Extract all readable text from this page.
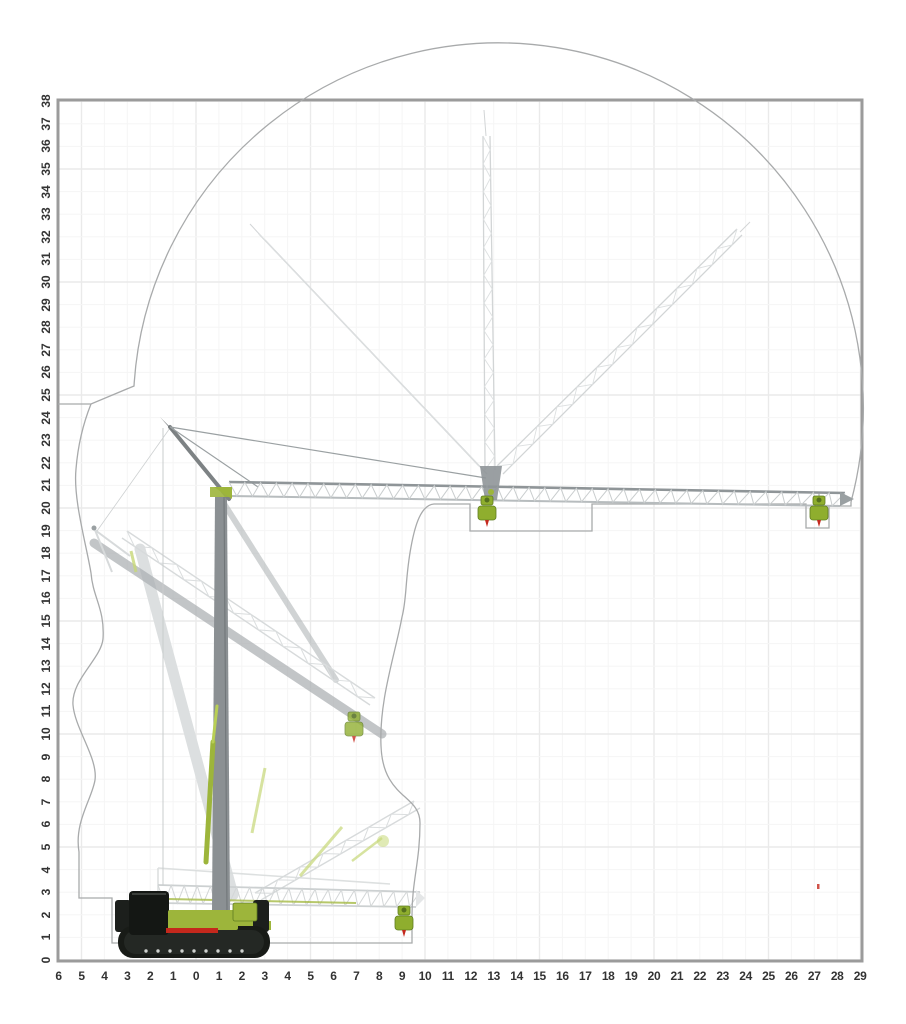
6 5 4 3 2 1 0 1 2 3 4 5 6 7 8 9 10 11 12 13 14 15 16 17 18 19 20 21 22 23 24 25 26 27 28 29
0
1
2
3
4
5
6
7
8
9
10
11
12
13
14
15
16
17
18
19
20
21
22
23
24
25
26
27
28
29
30
31
32
33
34
35
36
37
38
